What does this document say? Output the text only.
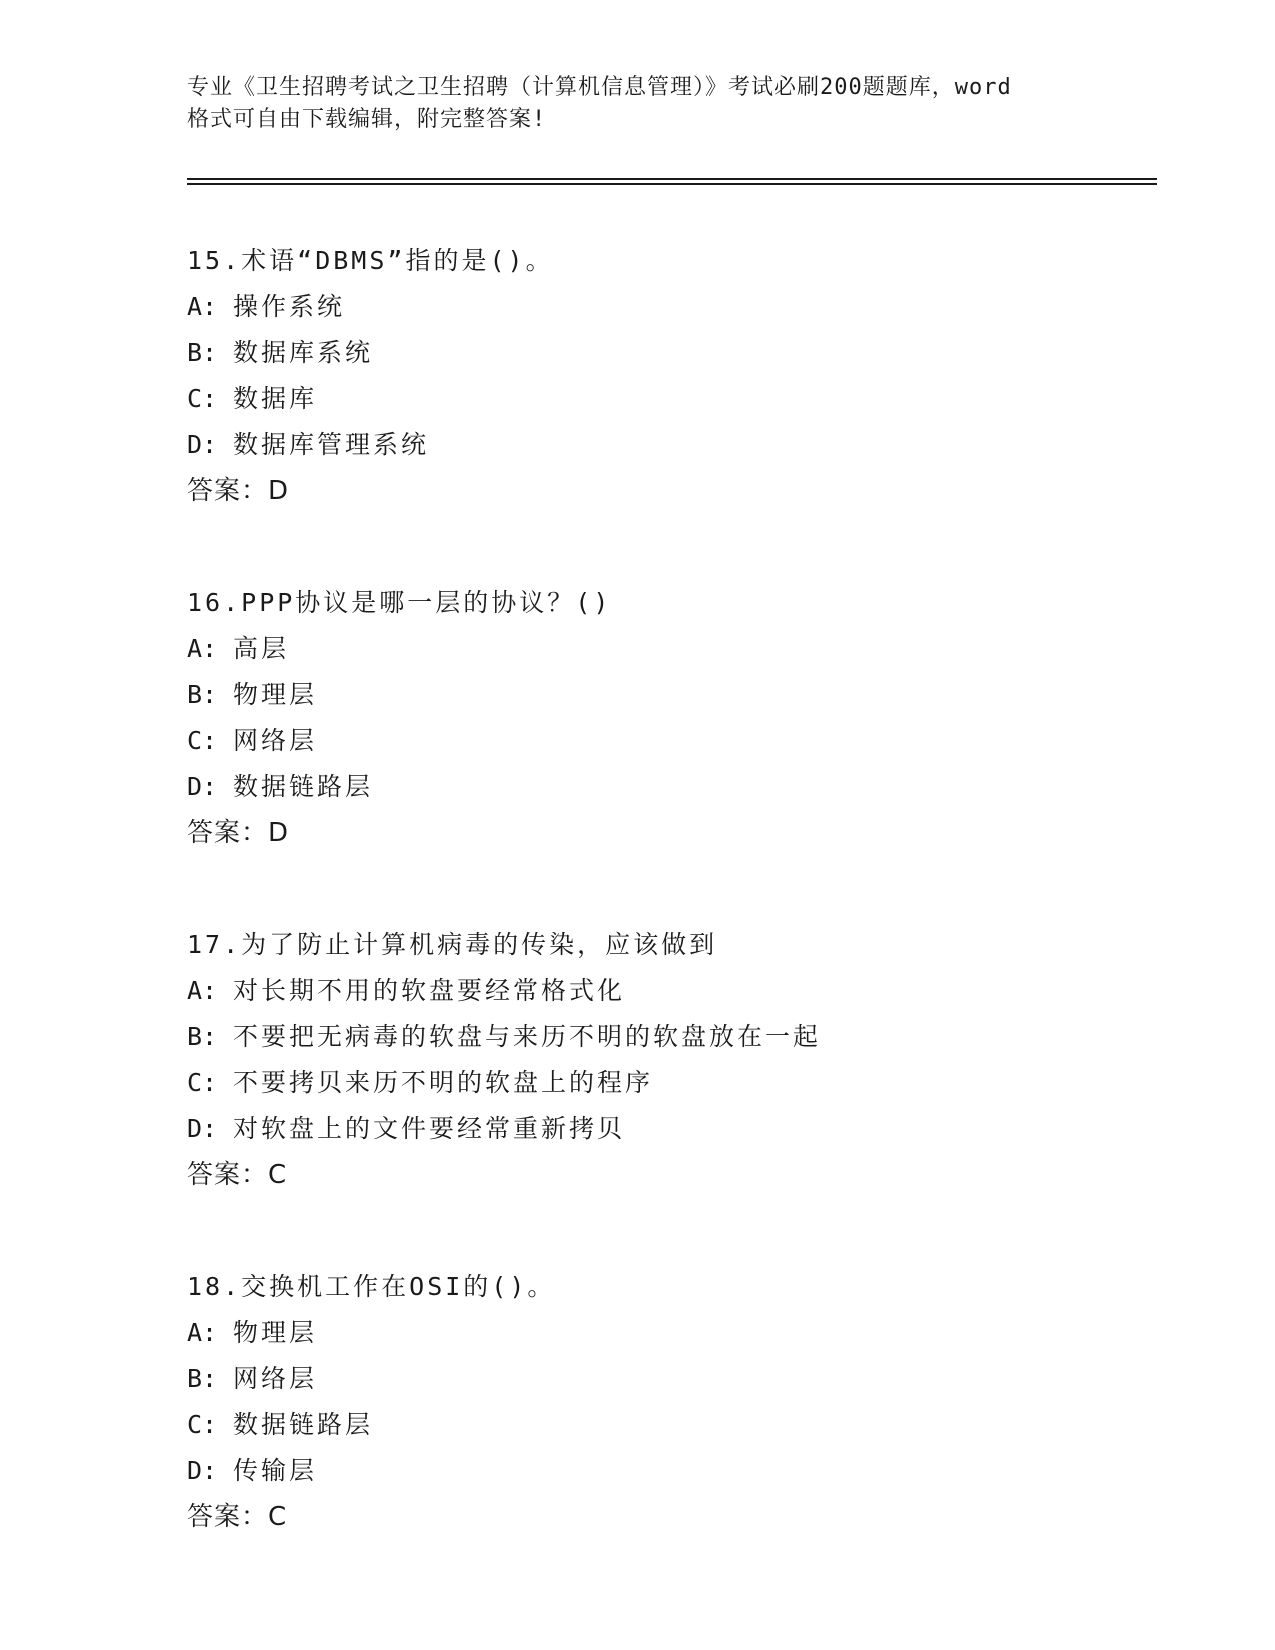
专业《卫生招聘考试之卫生招聘（计算机信息管理）》考试必刷200题题库，word
格式可自由下载编辑，附完整答案!
15.术语“DBMS”指的是()。
A: 操作系统
B: 数据库系统
C: 数据库
D: 数据库管理系统
答案：D
16.PPP协议是哪一层的协议？()
A: 高层
B: 物理层
C: 网络层
D: 数据链路层
答案：D
17.为了防止计算机病毒的传染，应该做到
A: 对长期不用的软盘要经常格式化
B: 不要把无病毒的软盘与来历不明的软盘放在一起
C: 不要拷贝来历不明的软盘上的程序
D: 对软盘上的文件要经常重新拷贝
答案：C
18.交换机工作在OSI的()。
A: 物理层
B: 网络层
C: 数据链路层
D: 传输层
答案：C
